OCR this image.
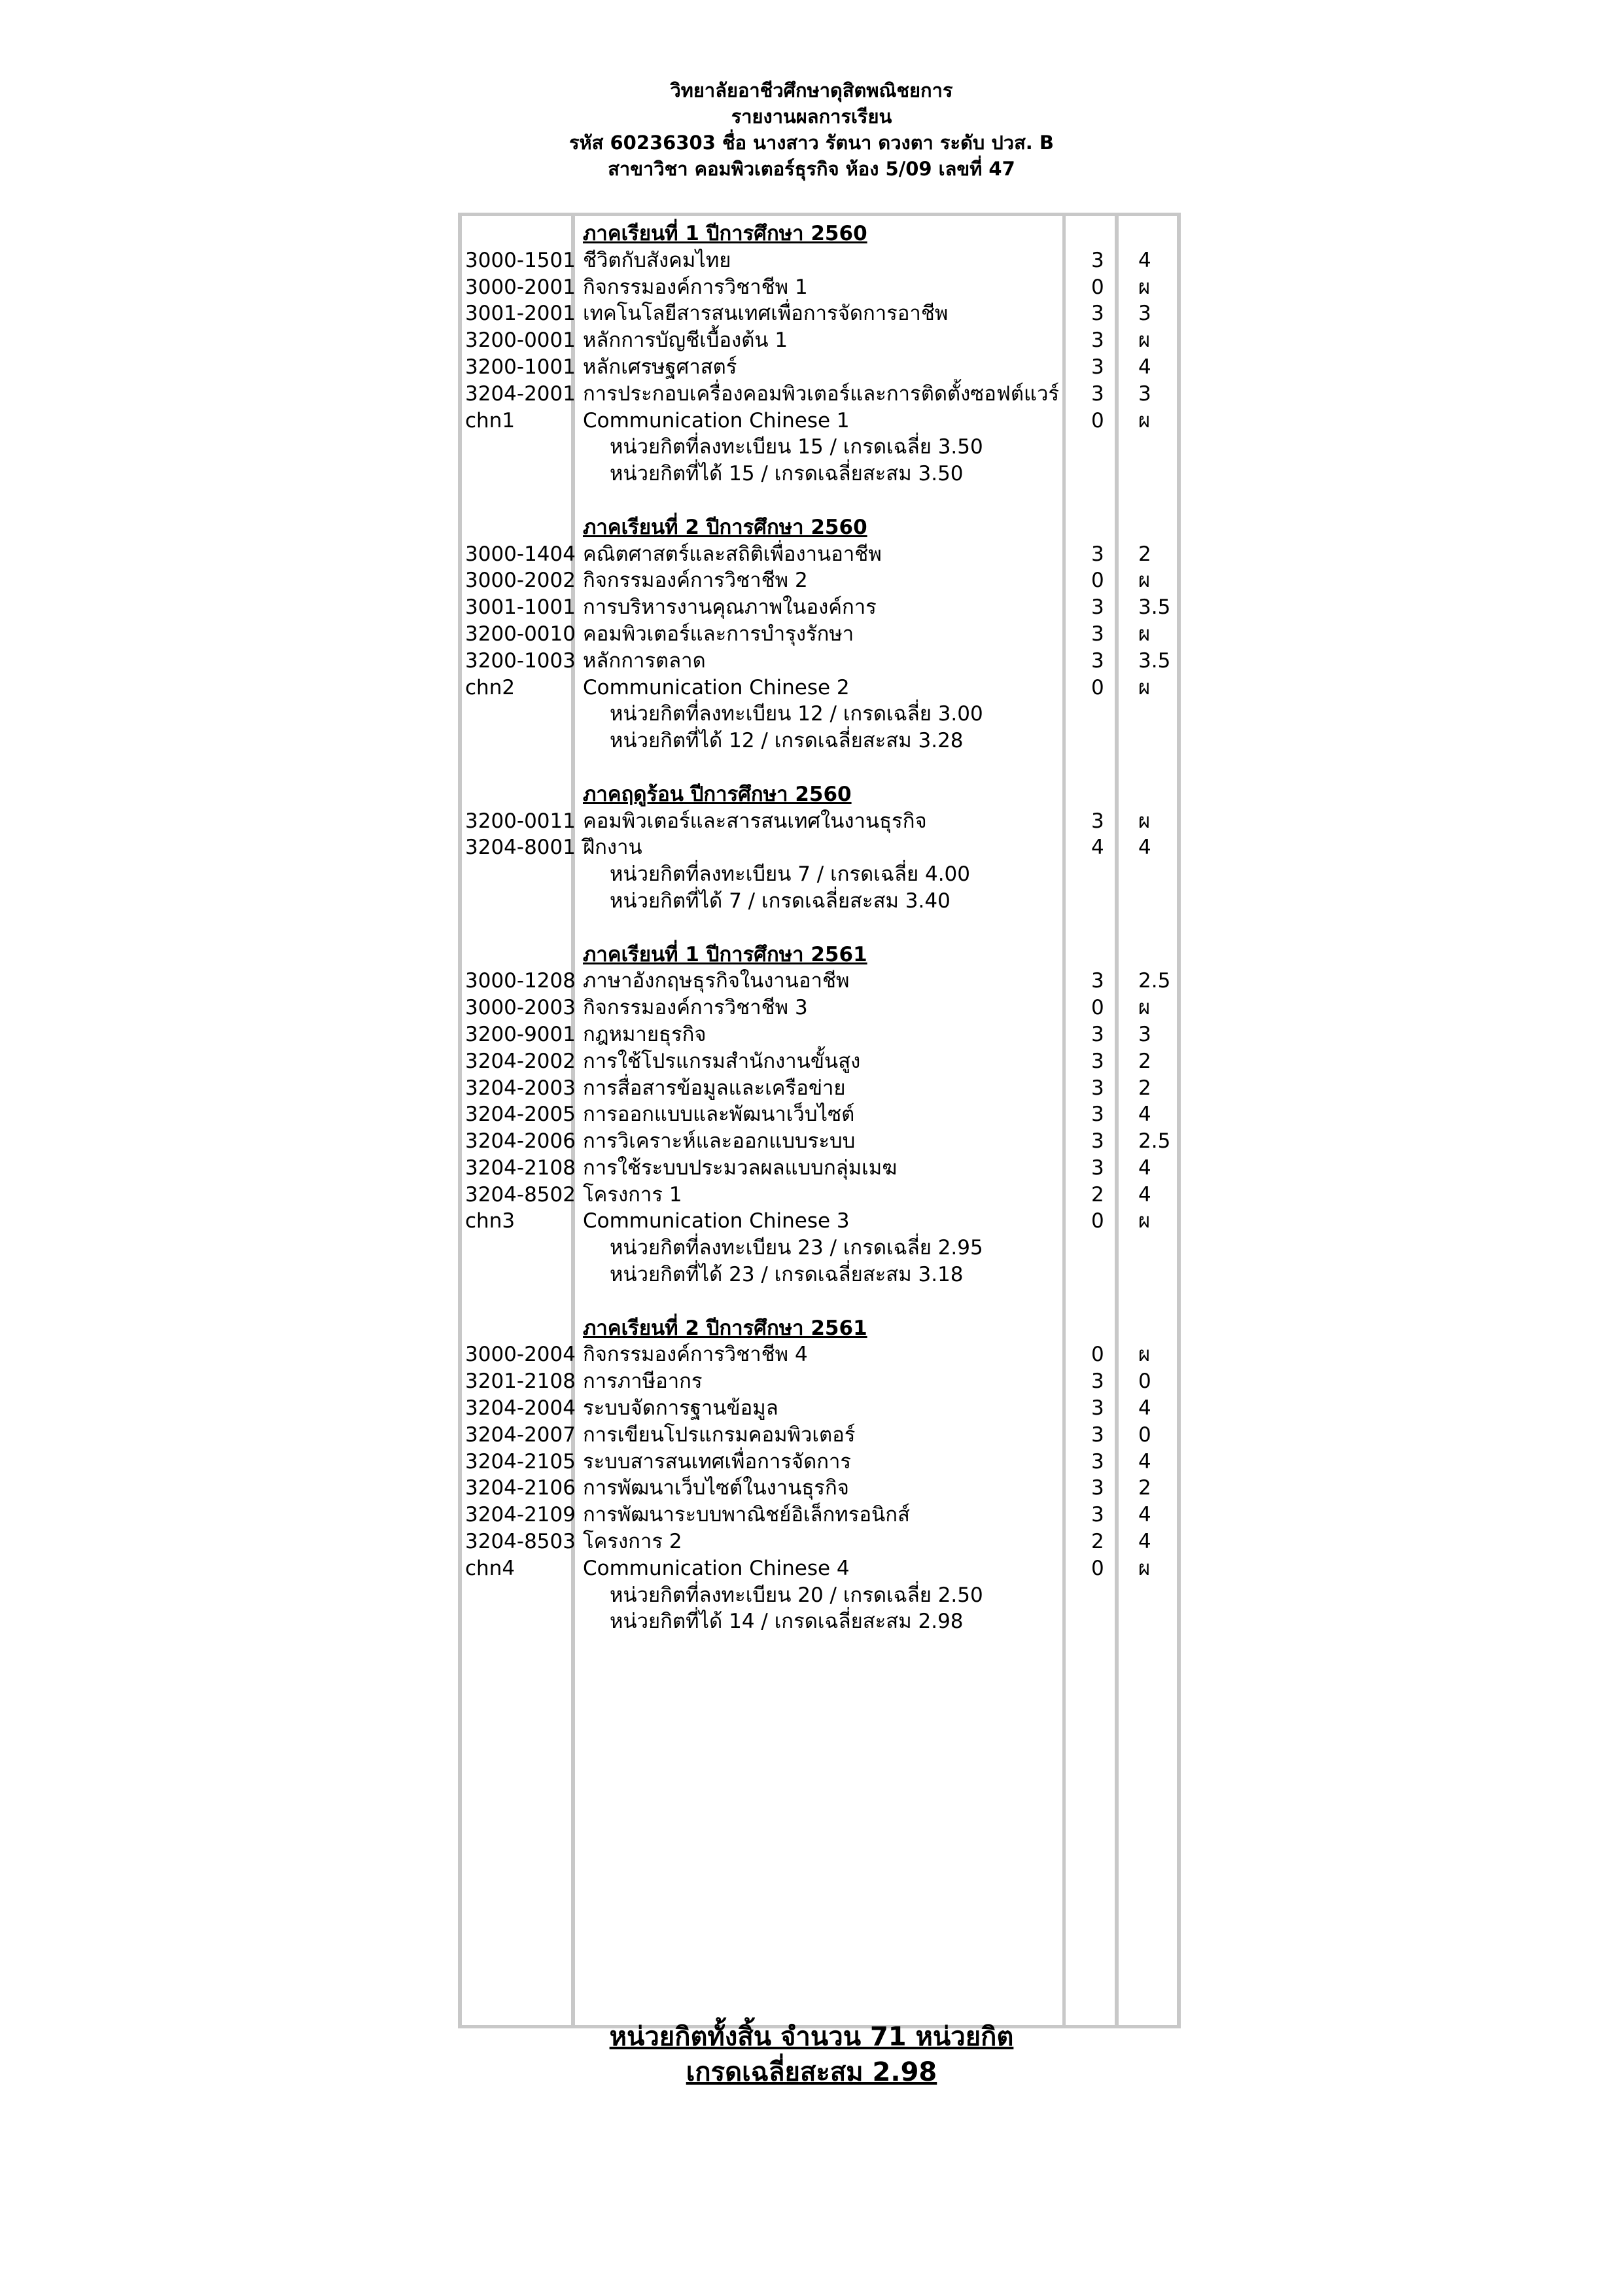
วิทยาลัยอาชีวศึกษาดุสิตพณิชยการ
รายงานผลการเรียน
รหัส 60236303 ชื่อ นางสาว รัตนา ดวงตา ระดับ ปวส. B
สาขาวิชา คอมพิวเตอร์ธุรกิจ ห้อง 5/09 เลขที่ 47
ภาคเรียนที่ 1 ปีการศึกษา 2560
3000-1501 ชีวิตกับสังคมไทย	3 4
3000-2001 กิจกรรมองค์การวิชาชีพ 1	0 ผ
3001-2001 เทคโนโลยีสารสนเทศเพื่อการจัดการอาชีพ	3 3
3200-0001 หลักการบัญชีเบื้องต้น 1	3 ผ
3200-1001 หลักเศรษฐศาสตร์	3 4
3204-2001 การประกอบเครื่องคอมพิวเตอร์และการติดตั้งซอฟต์แวร์ 3 3
chn1	Communication Chinese 1	0 ผ
หน่วยกิตที่ลงทะเบียน 15 / เกรดเฉลี่ย 3.50
หน่วยกิตที่ได้ 15 / เกรดเฉลี่ยสะสม 3.50
ภาคเรียนที่ 2 ปีการศึกษา 2560
3000-1404 คณิตศาสตร์และสถิติเพื่องานอาชีพ	3 2
3000-2002 กิจกรรมองค์การวิชาชีพ 2	0 ผ
3001-1001 การบริหารงานคุณภาพในองค์การ	3 3.5
3200-0010 คอมพิวเตอร์และการบำรุงรักษา	3 ผ
3200-1003 หลักการตลาด	3 3.5
chn2	Communication Chinese 2	0 ผ
หน่วยกิตที่ลงทะเบียน 12 / เกรดเฉลี่ย 3.00
หน่วยกิตที่ได้ 12 / เกรดเฉลี่ยสะสม 3.28
ภาคฤดูร้อน ปีการศึกษา 2560
3200-0011 คอมพิวเตอร์และสารสนเทศในงานธุรกิจ	3 ผ
3204-8001 ฝึกงาน	4 4
หน่วยกิตที่ลงทะเบียน 7 / เกรดเฉลี่ย 4.00
หน่วยกิตที่ได้ 7 / เกรดเฉลี่ยสะสม 3.40
ภาคเรียนที่ 1 ปีการศึกษา 2561
3000-1208 ภาษาอังกฤษธุรกิจในงานอาชีพ	3 2.5
3000-2003 กิจกรรมองค์การวิชาชีพ 3	0 ผ
3200-9001 กฎหมายธุรกิจ	3 3
3204-2002 การใช้โปรแกรมสำนักงานขั้นสูง	3 2
3204-2003 การสื่อสารข้อมูลและเครือข่าย	3 2
3204-2005 การออกแบบและพัฒนาเว็บไซต์	3 4
3204-2006 การวิเคราะห์และออกแบบระบบ	3 2.5
3204-2108 การใช้ระบบประมวลผลแบบกลุ่มเมฆ	3 4
3204-8502 โครงการ 1	2 4
chn3	Communication Chinese 3	0 ผ
หน่วยกิตที่ลงทะเบียน 23 / เกรดเฉลี่ย 2.95
หน่วยกิตที่ได้ 23 / เกรดเฉลี่ยสะสม 3.18
ภาคเรียนที่ 2 ปีการศึกษา 2561
3000-2004 กิจกรรมองค์การวิชาชีพ 4	0 ผ
3201-2108 การภาษีอากร	3 0
3204-2004 ระบบจัดการฐานข้อมูล	3 4
3204-2007 การเขียนโปรแกรมคอมพิวเตอร์	3 0
3204-2105 ระบบสารสนเทศเพื่อการจัดการ	3 4
3204-2106 การพัฒนาเว็บไซต์ในงานธุรกิจ	3 2
3204-2109 การพัฒนาระบบพาณิชย์อิเล็กทรอนิกส์	3 4
3204-8503 โครงการ 2	2 4
chn4	Communication Chinese 4	0 ผ
หน่วยกิตที่ลงทะเบียน 20 / เกรดเฉลี่ย 2.50
หน่วยกิตที่ได้ 14 / เกรดเฉลี่ยสะสม 2.98
หน่วยกิตทั้งสิ้น จำนวน 71 หน่วยกิต
เกรดเฉลี่ยสะสม 2.98
